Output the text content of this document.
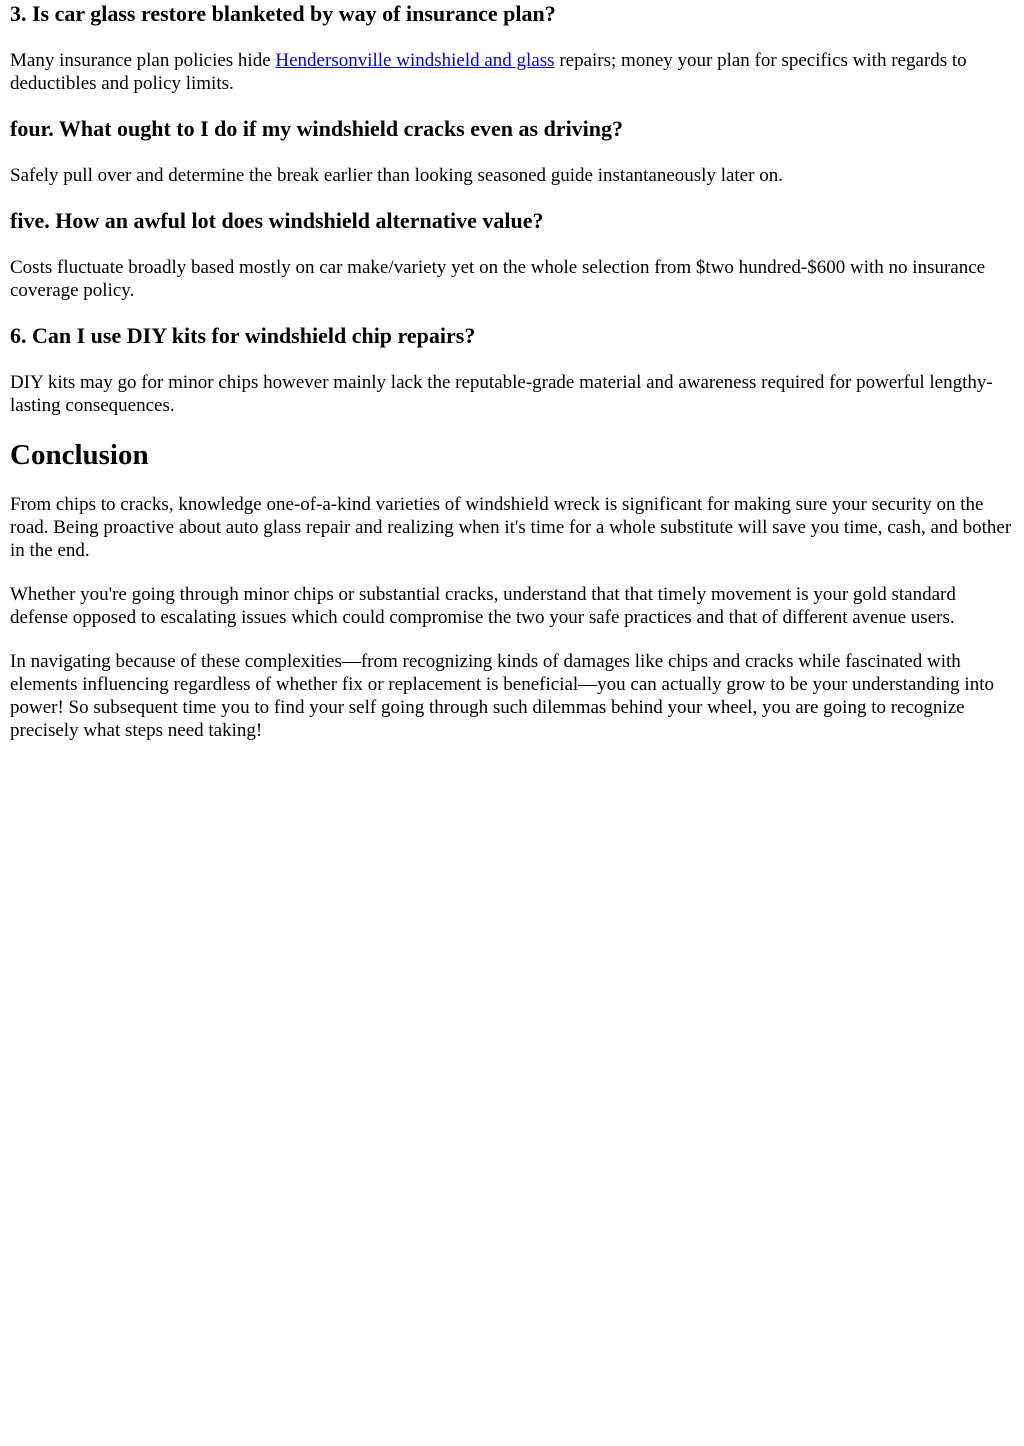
3. Is car glass restore blanketed by way of insurance plan?

Many insurance plan policies hide Hendersonville windshield and glass repairs; money your plan for specifics with regards to deductibles and policy limits.

four. What ought to I do if my windshield cracks even as driving?

Safely pull over and determine the break earlier than looking seasoned guide instantaneously later on.

five. How an awful lot does windshield alternative value?

Costs fluctuate broadly based mostly on car make/variety yet on the whole selection from $two hundred-$600 with no insurance coverage policy.

6. Can I use DIY kits for windshield chip repairs?

DIY kits may go for minor chips however mainly lack the reputable-grade material and awareness required for powerful lengthy-lasting consequences.

Conclusion

From chips to cracks, knowledge one-of-a-kind varieties of windshield wreck is significant for making sure your security on the road. Being proactive about auto glass repair and realizing when it's time for a whole substitute will save you time, cash, and bother in the end.

Whether you're going through minor chips or substantial cracks, understand that that timely movement is your gold standard defense opposed to escalating issues which could compromise the two your safe practices and that of different avenue users.

In navigating because of these complexities—from recognizing kinds of damages like chips and cracks while fascinated with elements influencing regardless of whether fix or replacement is beneficial—you can actually grow to be your understanding into power! So subsequent time you to find your self going through such dilemmas behind your wheel, you are going to recognize precisely what steps need taking!
